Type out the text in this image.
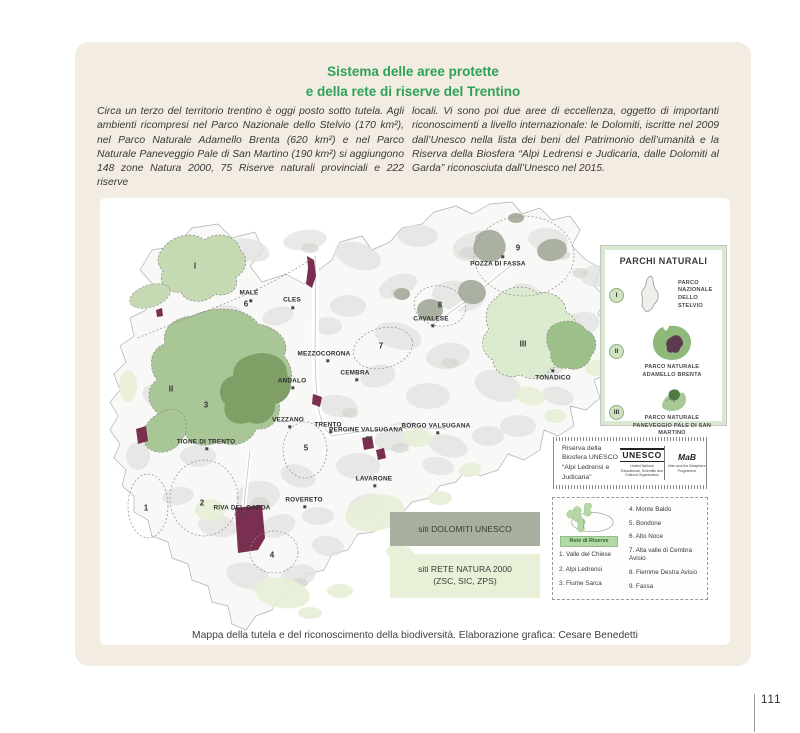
Sistema delle aree protette
e della rete di riserve del Trentino
Circa un terzo del territorio trentino è oggi posto sotto tutela. Agli ambienti ricompresi nel Parco Nazionale dello Stelvio (170 km²), nel Parco Naturale Adamello Brenta (620 km²) e nel Parco Naturale Paneveggio Pale di San Martino (190 km²) si aggiungono 148 zone Natura 2000, 75 Riserve naturali provinciali e 222 riserve
locali. Vi sono poi due aree di eccellenza, oggetto di importanti riconoscimenti a livello internazionale: le Dolomiti, iscritte nel 2009 dall’Unesco nella lista dei beni del Patrimonio dell’umanità e la Riserva della Biosfera “Alpi Ledrensi e Judicaria, dalle Dolomiti al Garda” riconosciuta dall’Unesco nel 2015.
MALÉ
CLES
MEZZOCORONA
CEMBRA
ANDALO
VEZZANO
TRENTO
PERGINE VALSUGANA
BORGO VALSUGANA
POZZA DI FASSA
CAVALESE
TONADICO
TIONE DI TRENTO
LAVARONE
RIVA DEL GARDA
ROVERETO
I
II
III
1
2
3
4
5
6
7
8
9
PARCHI NATURALI
I
PARCO NAZIONALE DELLO STELVIO
II
PARCO NATURALE ADAMELLO BRENTA
III
PARCO NATURALE PANEVEGGIO PALE DI SAN MARTINO
Riserva della Biosfera UNESCO “Alpi Ledrensi e Judicaria”
UNESCO
United Nations Educational, Scientific and Cultural Organization
MaB
Man and the Biosphere Programme
Rete di Riserve
1. Valle del Chiese
2. Alpi Ledrensi
3. Fiume Sarca
4. Monte Baldo
5. Bondone
6. Alto Noce
7. Alta valle di Cembra Avisio
8. Fiemme Destra Avisio
9. Fassa
siti DOLOMITI UNESCO
siti RETE NATURA 2000
(ZSC, SIC, ZPS)
Mappa della tutela e del riconoscimento della biodiversità. Elaborazione grafica: Cesare Benedetti
111
